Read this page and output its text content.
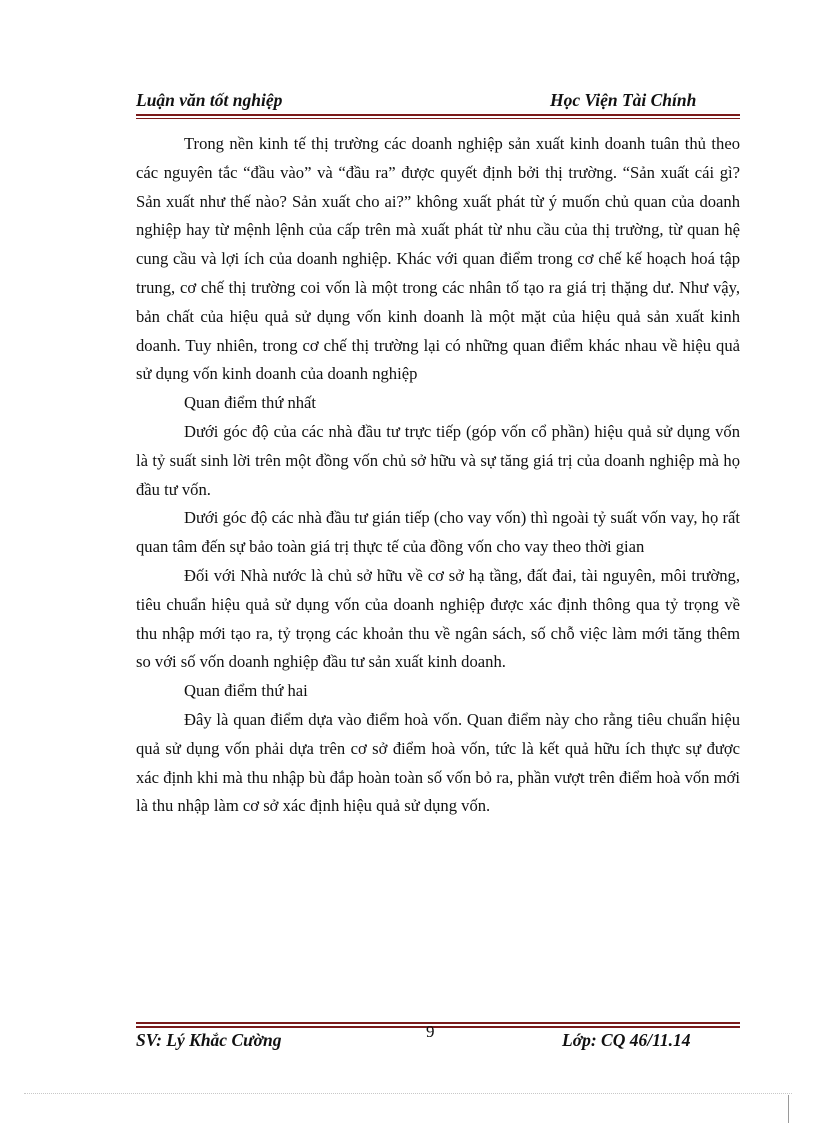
Luận văn tốt nghiệp	Học Viện Tài Chính

Trong nền kinh tế thị trường các doanh nghiệp sản xuất kinh doanh tuân thủ theo các nguyên tắc “đầu vào” và “đầu ra” được quyết định bởi thị trường. “Sản xuất cái gì? Sản xuất như thế nào? Sản xuất cho ai?” không xuất phát từ ý muốn chủ quan của doanh nghiệp hay từ mệnh lệnh của cấp trên mà xuất phát từ nhu cầu của thị trường, từ quan hệ cung cầu và lợi ích của doanh nghiệp. Khác với quan điểm trong cơ chế kế hoạch hoá tập trung, cơ chế thị trường coi vốn là một trong các nhân tố tạo ra giá trị thặng dư. Như vậy, bản chất của hiệu quả sử dụng vốn kinh doanh là một mặt của hiệu quả sản xuất kinh doanh. Tuy nhiên, trong cơ chế thị trường lại có những quan điểm khác nhau về hiệu quả sử dụng vốn kinh doanh của doanh nghiệp

Quan điểm thứ nhất

Dưới góc độ của các nhà đầu tư trực tiếp (góp vốn cổ phần) hiệu quả sử dụng vốn là tỷ suất sinh lời trên một đồng vốn chủ sở hữu và sự tăng giá trị của doanh nghiệp mà họ đầu tư vốn.

Dưới góc độ các nhà đầu tư gián tiếp (cho vay vốn) thì ngoài tỷ suất vốn vay, họ rất quan tâm đến sự bảo toàn giá trị thực tế của đồng vốn cho vay theo thời gian

Đối với Nhà nước là chủ sở hữu về cơ sở hạ tầng, đất đai, tài nguyên, môi trường, tiêu chuẩn hiệu quả sử dụng vốn của doanh nghiệp được xác định thông qua tỷ trọng về thu nhập mới tạo ra, tỷ trọng các khoản thu về ngân sách, số chỗ việc làm mới tăng thêm so với số vốn doanh nghiệp đầu tư sản xuất kinh doanh.

Quan điểm thứ hai

Đây là quan điểm dựa vào điểm hoà vốn. Quan điểm này cho rằng tiêu chuẩn hiệu quả sử dụng vốn phải dựa trên cơ sở điểm hoà vốn, tức là kết quả hữu ích thực sự được xác định khi mà thu nhập bù đắp hoàn toàn số vốn bỏ ra, phần vượt trên điểm hoà vốn mới là thu nhập làm cơ sở xác định hiệu quả sử dụng vốn.

SV: Lý Khắc Cường	9	Lớp: CQ 46/11.14
